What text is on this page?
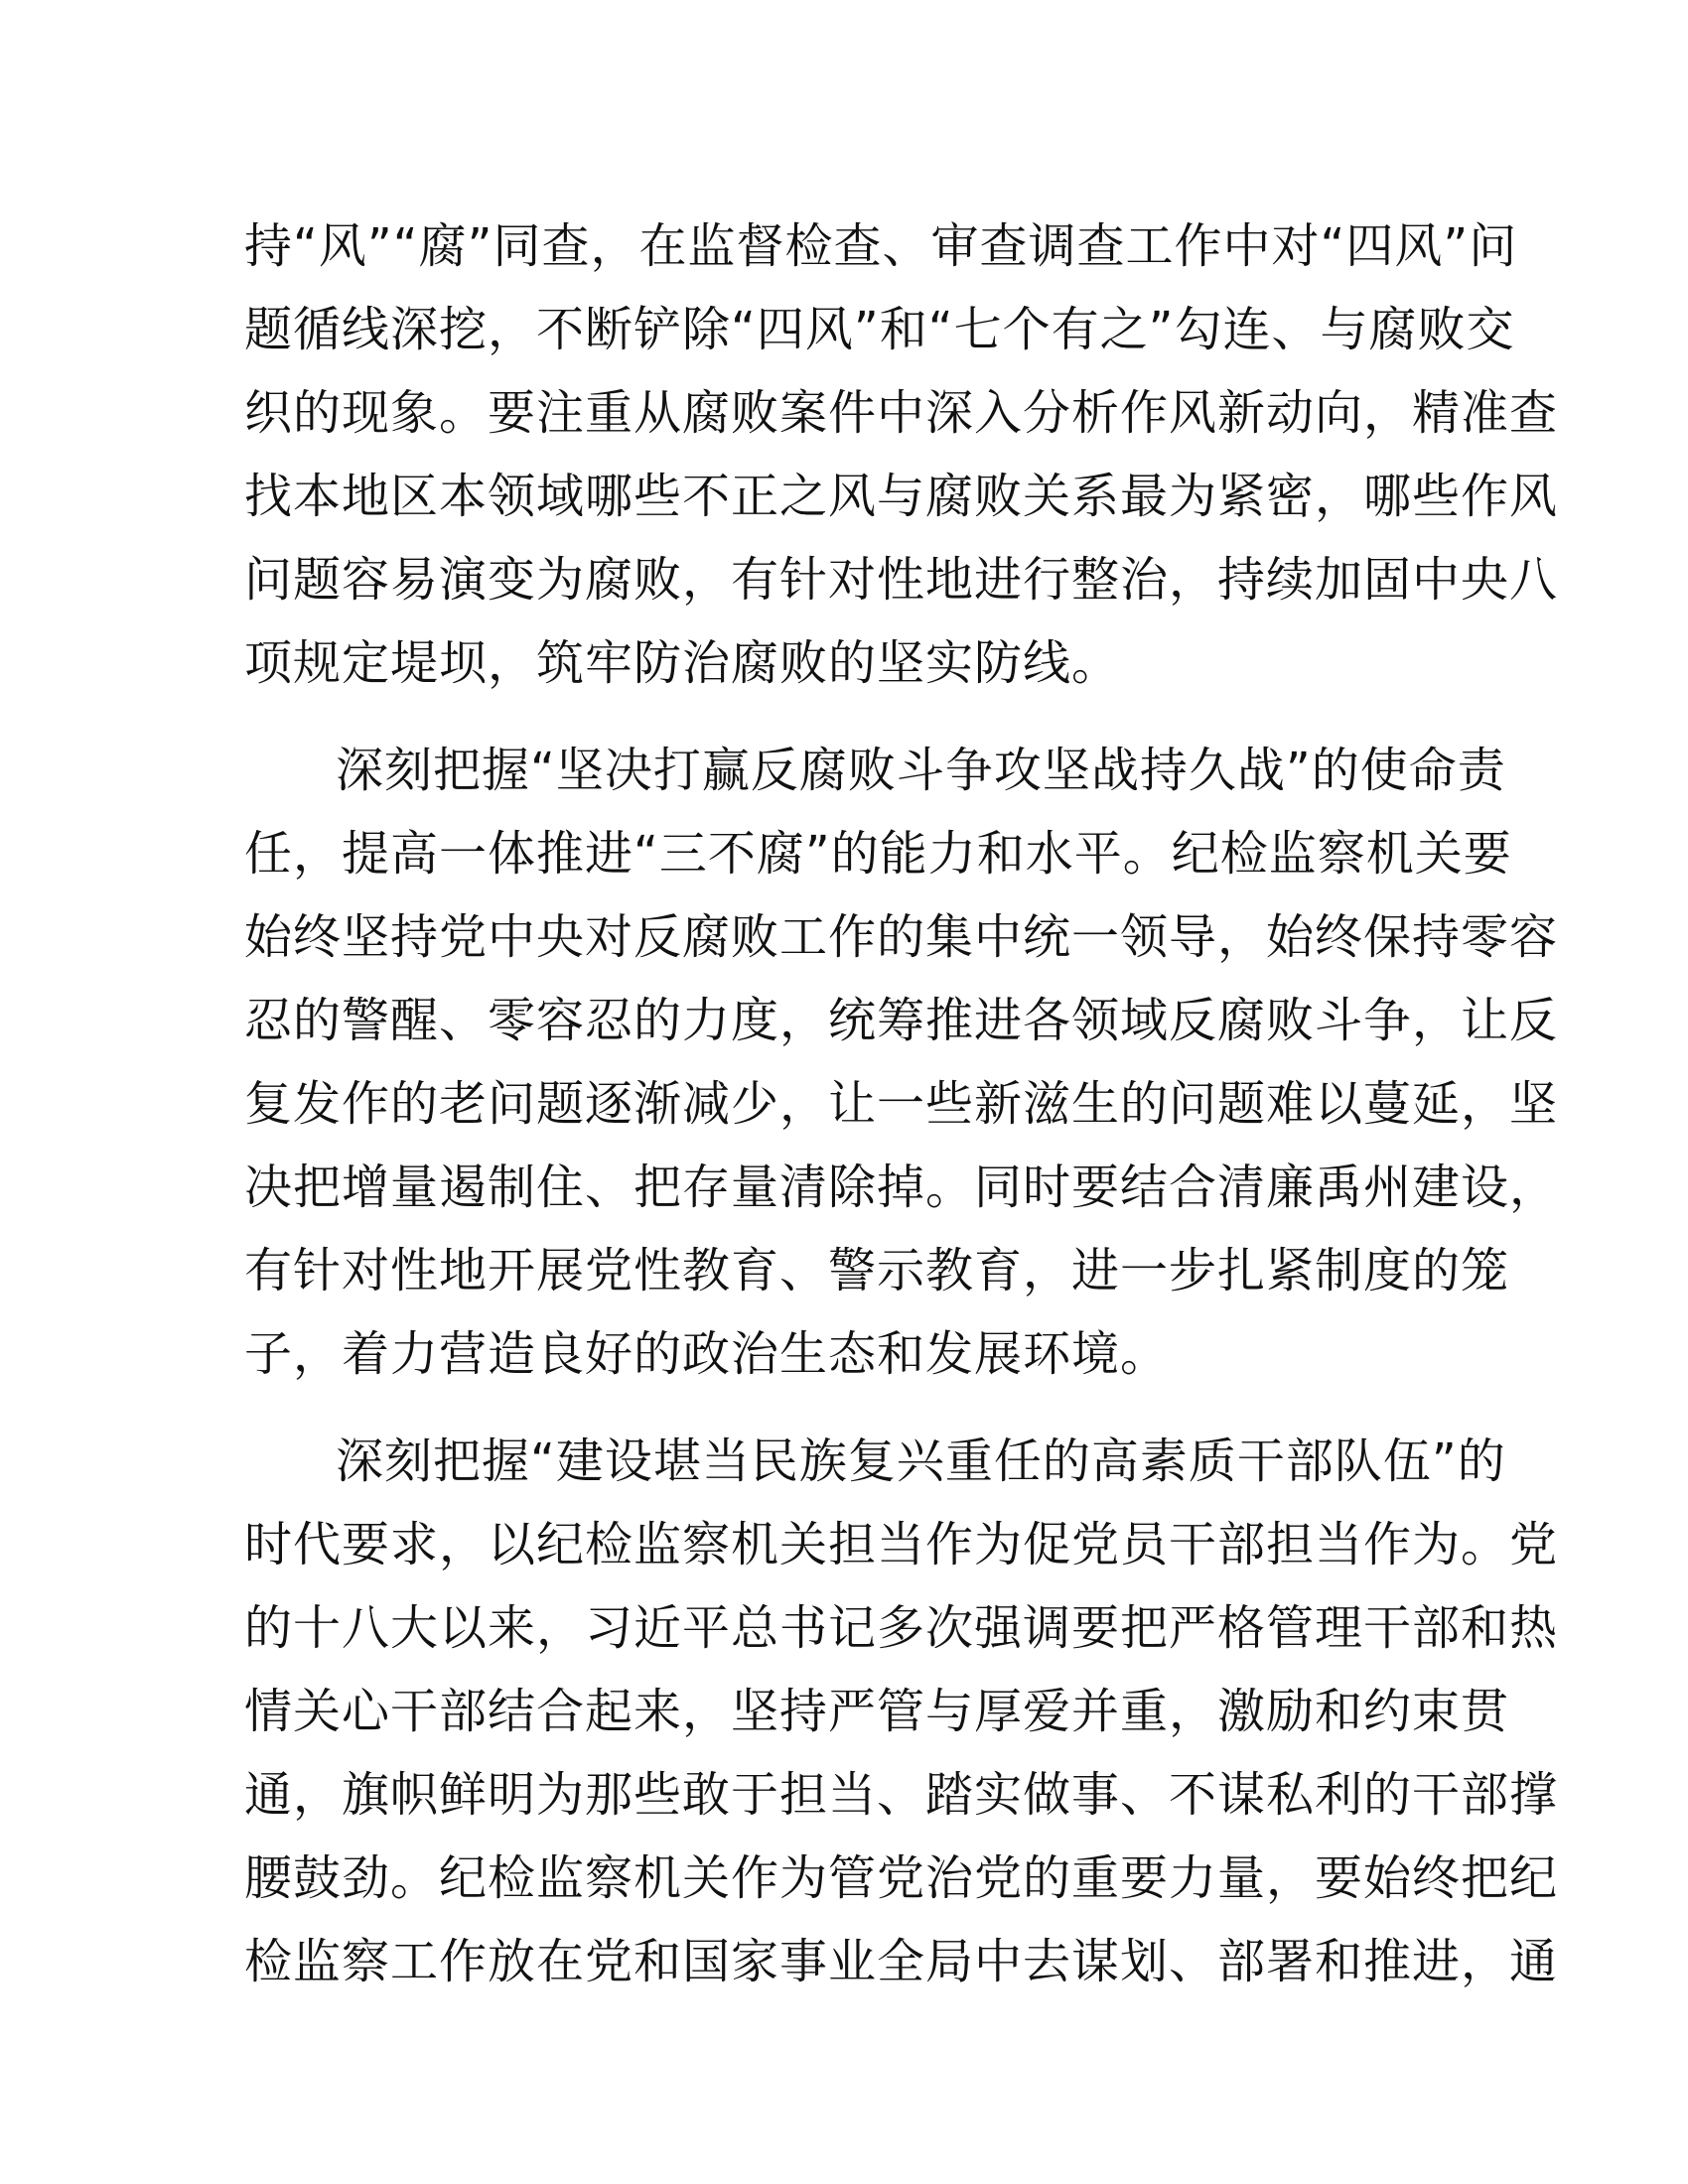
持“风”“腐”同查，在监督检查、审查调查工作中对“四风”问
题循线深挖，不断铲除“四风”和“七个有之”勾连、与腐败交
织的现象。要注重从腐败案件中深入分析作风新动向，精准查
找本地区本领域哪些不正之风与腐败关系最为紧密，哪些作风
问题容易演变为腐败，有针对性地进行整治，持续加固中央八
项规定堤坝，筑牢防治腐败的坚实防线。
深刻把握“坚决打赢反腐败斗争攻坚战持久战”的使命责
任，提高一体推进“三不腐”的能力和水平。纪检监察机关要
始终坚持党中央对反腐败工作的集中统一领导，始终保持零容
忍的警醒、零容忍的力度，统筹推进各领域反腐败斗争，让反
复发作的老问题逐渐减少，让一些新滋生的问题难以蔓延，坚
决把增量遏制住、把存量清除掉。同时要结合清廉禹州建设，
有针对性地开展党性教育、警示教育，进一步扎紧制度的笼
子，着力营造良好的政治生态和发展环境。
深刻把握“建设堪当民族复兴重任的高素质干部队伍”的
时代要求，以纪检监察机关担当作为促党员干部担当作为。党
的十八大以来，习近平总书记多次强调要把严格管理干部和热
情关心干部结合起来，坚持严管与厚爱并重，激励和约束贯
通，旗帜鲜明为那些敢于担当、踏实做事、不谋私利的干部撑
腰鼓劲。纪检监察机关作为管党治党的重要力量，要始终把纪
检监察工作放在党和国家事业全局中去谋划、部署和推进，通
